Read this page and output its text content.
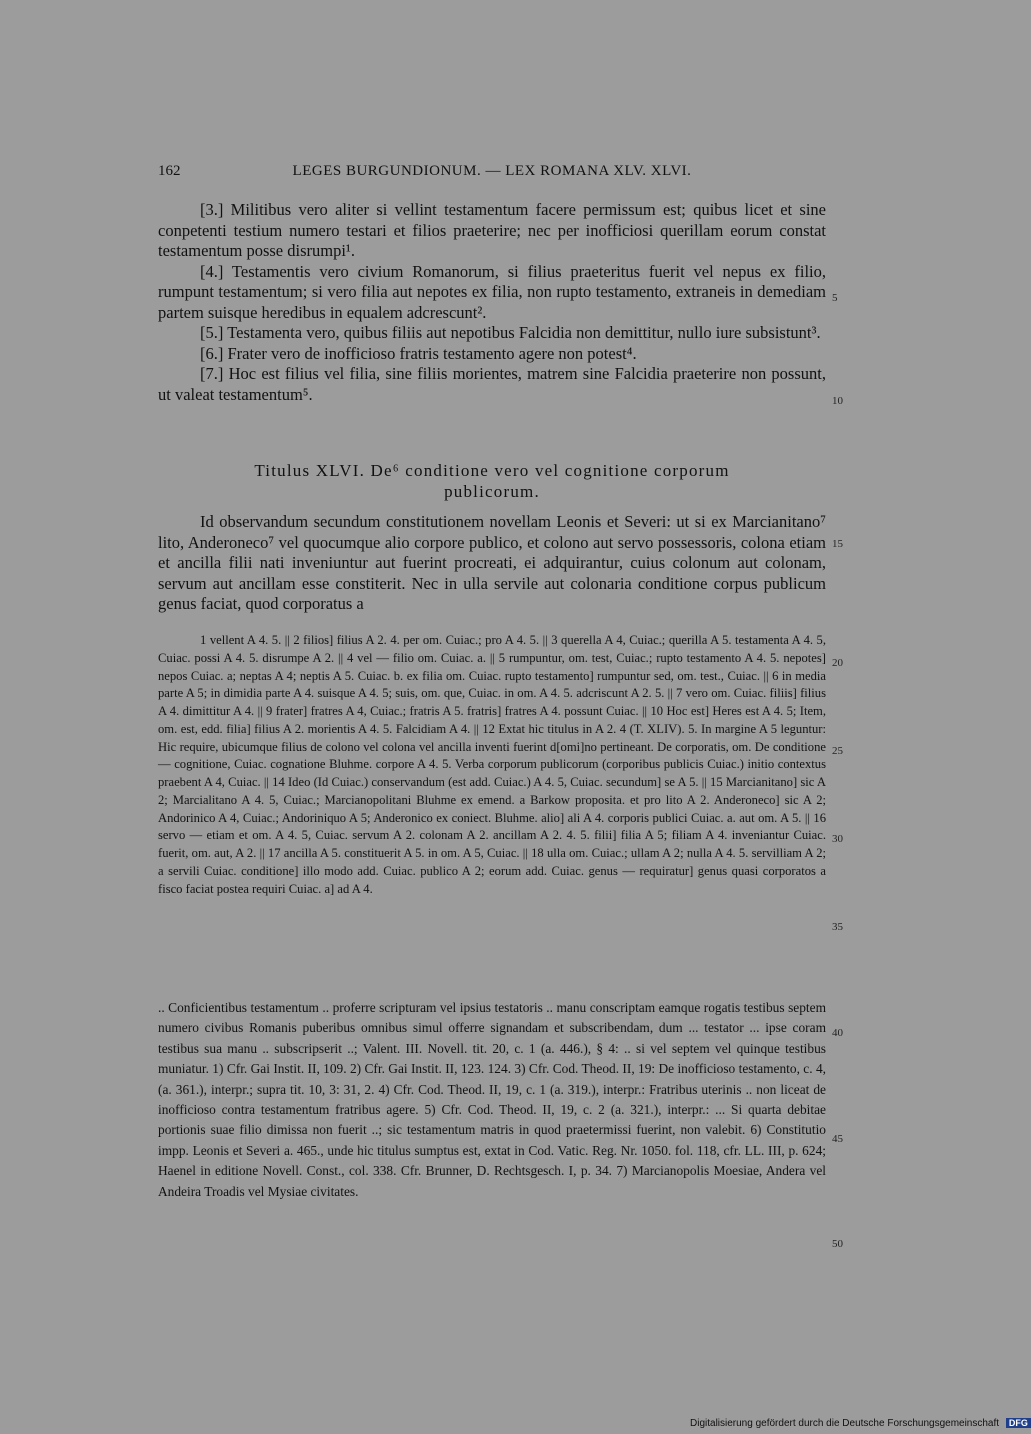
162	LEGES BURGUNDIONUM. — LEX ROMANA XLV. XLVI.

[3.] Militibus vero aliter si vellint testamentum facere permissum est; quibus licet et sine conpetenti testium numero testari et filios praeterire; nec per inofficiosi querillam eorum constat testamentum posse disrumpi¹.

[4.] Testamentis vero civium Romanorum, si filius praeteritus fuerit vel nepus ex filio, rumpunt testamentum; si vero filia aut nepotes ex filia, non rupto testamento, extraneis in demediam partem suisque heredibus in equalem adcrescunt².

[5.] Testamenta vero, quibus filiis aut nepotibus Falcidia non demittitur, nullo iure subsistunt³.

[6.] Frater vero de inofficioso fratris testamento agere non potest⁴.

[7.] Hoc est filius vel filia, sine filiis morientes, matrem sine Falcidia praeterire non possunt, ut valeat testamentum⁵.

Titulus XLVI. De⁶ conditione vero vel cognitione corporum
publicorum.

Id observandum secundum constitutionem novellam Leonis et Severi: ut si ex Marcianitano⁷ lito, Anderoneco⁷ vel quocumque alio corpore publico, et colono aut servo possessoris, colona etiam et ancilla filii nati inveniuntur aut fuerint procreati, ei adquirantur, cuius colonum aut colonam, servum aut ancillam esse constiterit. Nec in ulla servile aut colonaria conditione corpus publicum genus faciat, quod corporatus a

1 vellent A 4. 5. || 2 filios] filius A 2. 4. per om. Cuiac.; pro A 4. 5. || 3 querella A 4, Cuiac.; querilla A 5. testamenta A 4. 5, Cuiac. possi A 4. 5. disrumpe A 2. || 4 vel — filio om. Cuiac. a. || 5 rumpuntur, om. test, Cuiac.; rupto testamento A 4. 5. nepotes] nepos Cuiac. a; neptas A 4; neptis A 5. Cuiac. b. ex filia om. Cuiac. rupto testamento] rumpuntur sed, om. test., Cuiac. || 6 in media parte A 5; in dimidia parte A 4. suisque A 4. 5; suis, om. que, Cuiac. in om. A 4. 5. adcriscunt A 2. 5. || 7 vero om. Cuiac. filiis] filius A 4. dimittitur A 4. || 9 frater] fratres A 4, Cuiac.; fratris A 5. fratris] fratres A 4. possunt Cuiac. || 10 Hoc est] Heres est A 4. 5; Item, om. est, edd. filia] filius A 2. morientis A 4. 5. Falcidiam A 4. || 12 Extat hic titulus in A 2. 4 (T. XLIV). 5. In margine A 5 leguntur: Hic require, ubicumque filius de colono vel colona vel ancilla inventi fuerint d[omi]no pertineant. De corporatis, om. De conditione — cognitione, Cuiac. cognatione Bluhme. corpore A 4. 5. Verba corporum publicorum (corporibus publicis Cuiac.) initio contextus praebent A 4, Cuiac. || 14 Ideo (Id Cuiac.) conservandum (est add. Cuiac.) A 4. 5, Cuiac. secundum] se A 5. || 15 Marcianitano] sic A 2; Marcialitano A 4. 5, Cuiac.; Marcianopolitani Bluhme ex emend. a Barkow proposita. et pro lito A 2. Anderoneco] sic A 2; Andorinico A 4, Cuiac.; Andoriniquo A 5; Anderonico ex coniect. Bluhme. alio] ali A 4. corporis publici Cuiac. a. aut om. A 5. || 16 servo — etiam et om. A 4. 5, Cuiac. servum A 2. colonam A 2. ancillam A 2. 4. 5. filii] filia A 5; filiam A 4. inveniantur Cuiac. fuerit, om. aut, A 2. || 17 ancilla A 5. constituerit A 5. in om. A 5, Cuiac. || 18 ulla om. Cuiac.; ullam A 2; nulla A 4. 5. servilliam A 2; a servili Cuiac. conditione] illo modo add. Cuiac. publico A 2; eorum add. Cuiac. genus — requiratur] genus quasi corporatos a fisco faciat postea requiri Cuiac. a] ad A 4.

.. Conficientibus testamentum .. proferre scripturam vel ipsius testatoris .. manu conscriptam eamque rogatis testibus septem numero civibus Romanis puberibus omnibus simul offerre signandam et subscribendam, dum ... testator ... ipse coram testibus sua manu .. subscripserit ..; Valent. III. Novell. tit. 20, c. 1 (a. 446.), § 4: .. si vel septem vel quinque testibus muniatur. 1) Cfr. Gai Instit. II, 109. 2) Cfr. Gai Instit. II, 123. 124. 3) Cfr. Cod. Theod. II, 19: De inofficioso testamento, c. 4, (a. 361.), interpr.; supra tit. 10, 3: 31, 2. 4) Cfr. Cod. Theod. II, 19, c. 1 (a. 319.), interpr.: Fratribus uterinis .. non liceat de inofficioso contra testamentum fratribus agere. 5) Cfr. Cod. Theod. II, 19, c. 2 (a. 321.), interpr.: ... Si quarta debitae portionis suae filio dimissa non fuerit ..; sic testamentum matris in quod praetermissi fuerint, non valebit. 6) Constitutio impp. Leonis et Severi a. 465., unde hic titulus sumptus est, extat in Cod. Vatic. Reg. Nr. 1050. fol. 118, cfr. LL. III, p. 624; Haenel in editione Novell. Const., col. 338. Cfr. Brunner, D. Rechtsgesch. I, p. 34. 7) Marcianopolis Moesiae, Andera vel Andeira Troadis vel Mysiae civitates.

5
10
15
20
25
30
35
40
45
50
Digitalisierung gefördert durch die Deutsche Forschungsgemeinschaft DFG
